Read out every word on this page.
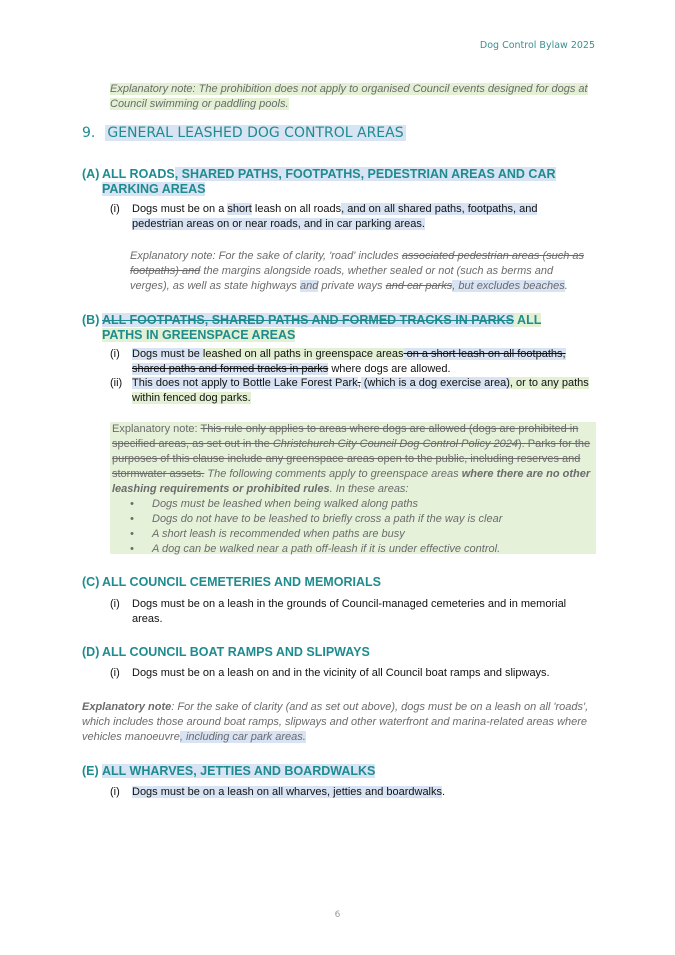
Dog Control Bylaw 2025
Explanatory note: The prohibition does not apply to organised Council events designed for dogs at Council swimming or paddling pools.
9. GENERAL LEASHED DOG CONTROL AREAS
(A) ALL ROADS, SHARED PATHS, FOOTPATHS, PEDESTRIAN AREAS AND CAR
PARKING AREAS
(i) Dogs must be on a short leash on all roads, and on all shared paths, footpaths, and pedestrian areas on or near roads, and in car parking areas.
Explanatory note: For the sake of clarity, 'road' includes associated pedestrian areas (such as footpaths) and the margins alongside roads, whether sealed or not (such as berms and verges), as well as state highways and private ways and car parks, but excludes beaches.
(B) ALL FOOTPATHS, SHARED PATHS AND FORMED TRACKS IN PARKS ALL
PATHS IN GREENSPACE AREAS
(i) Dogs must be leashed on all paths in greenspace areas on a short leash on all footpaths, shared paths and formed tracks in parks where dogs are allowed.
(ii) This does not apply to Bottle Lake Forest Park, (which is a dog exercise area), or to any paths within fenced dog parks.
Explanatory note: This rule only applies to areas where dogs are allowed (dogs are prohibited in specified areas, as set out in the Christchurch City Council Dog Control Policy 2024). Parks for the purposes of this clause include any greenspace areas open to the public, including reserves and stormwater assets. The following comments apply to greenspace areas where there are no other leashing requirements or prohibited rules. In these areas:
• Dogs must be leashed when being walked along paths
• Dogs do not have to be leashed to briefly cross a path if the way is clear
• A short leash is recommended when paths are busy
• A dog can be walked near a path off-leash if it is under effective control.
(C) ALL COUNCIL CEMETERIES AND MEMORIALS
(i) Dogs must be on a leash in the grounds of Council-managed cemeteries and in memorial areas.
(D) ALL COUNCIL BOAT RAMPS AND SLIPWAYS
(i) Dogs must be on a leash on and in the vicinity of all Council boat ramps and slipways.
Explanatory note: For the sake of clarity (and as set out above), dogs must be on a leash on all 'roads', which includes those around boat ramps, slipways and other waterfront and marina-related areas where vehicles manoeuvre, including car park areas.
(E) ALL WHARVES, JETTIES AND BOARDWALKS
(i) Dogs must be on a leash on all wharves, jetties and boardwalks.
6
